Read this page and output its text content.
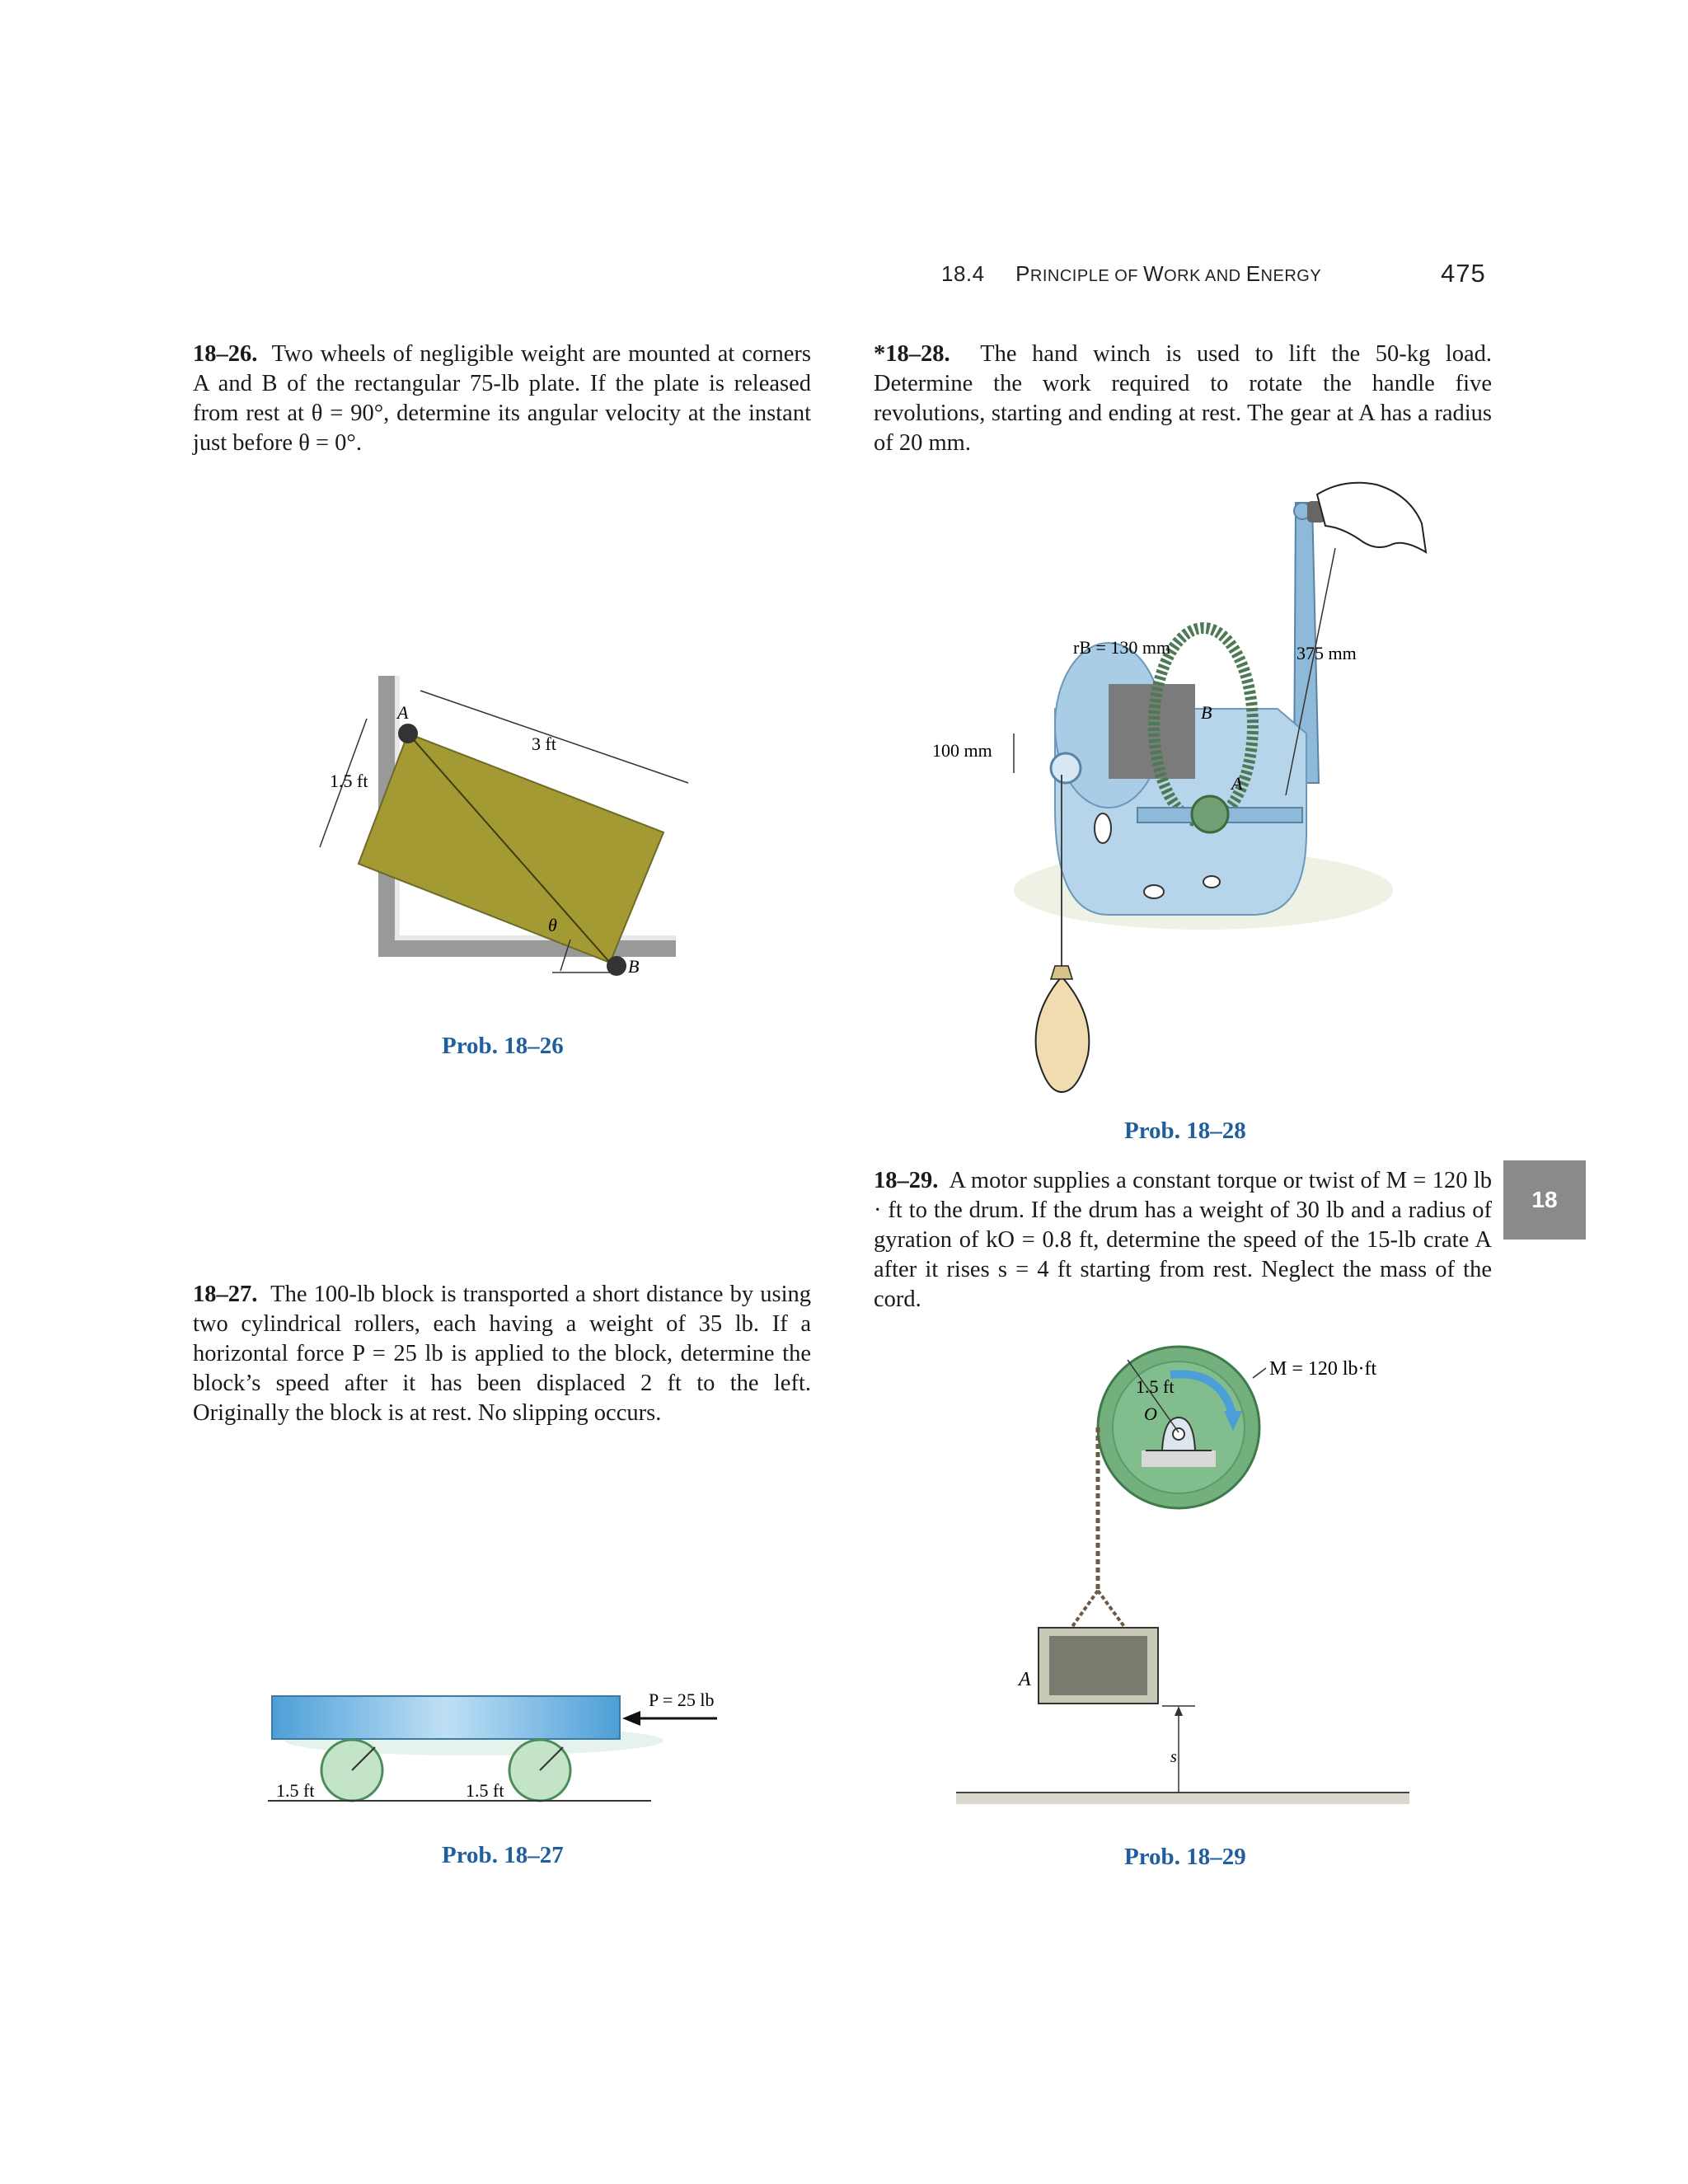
18.4 PRINCIPLE OF WORK AND ENERGY	475
18
18–26. Two wheels of negligible weight are mounted at corners A and B of the rectangular 75-lb plate. If the plate is released from rest at θ = 90°, determine its angular velocity at the instant just before θ = 0°.
*18–28. The hand winch is used to lift the 50-kg load. Determine the work required to rotate the handle five revolutions, starting and ending at rest. The gear at A has a radius of 20 mm.
A
B
3 ft
1.5 ft
θ
Prob. 18–26
rB = 130 mm	375 mm
100 mm
B
A
Prob. 18–28
18–29. A motor supplies a constant torque or twist of M = 120 lb · ft to the drum. If the drum has a weight of 30 lb and a radius of gyration of kO = 0.8 ft, determine the speed of the 15-lb crate A after it rises s = 4 ft starting from rest. Neglect the mass of the cord.
18–27. The 100-lb block is transported a short distance by using two cylindrical rollers, each having a weight of 35 lb. If a horizontal force P = 25 lb is applied to the block, determine the block’s speed after it has been displaced 2 ft to the left. Originally the block is at rest. No slipping occurs.
1.5 ft
O
M = 120 lb·ft
A
s
Prob. 18–29
P = 25 lb
1.5 ft	1.5 ft
Prob. 18–27
